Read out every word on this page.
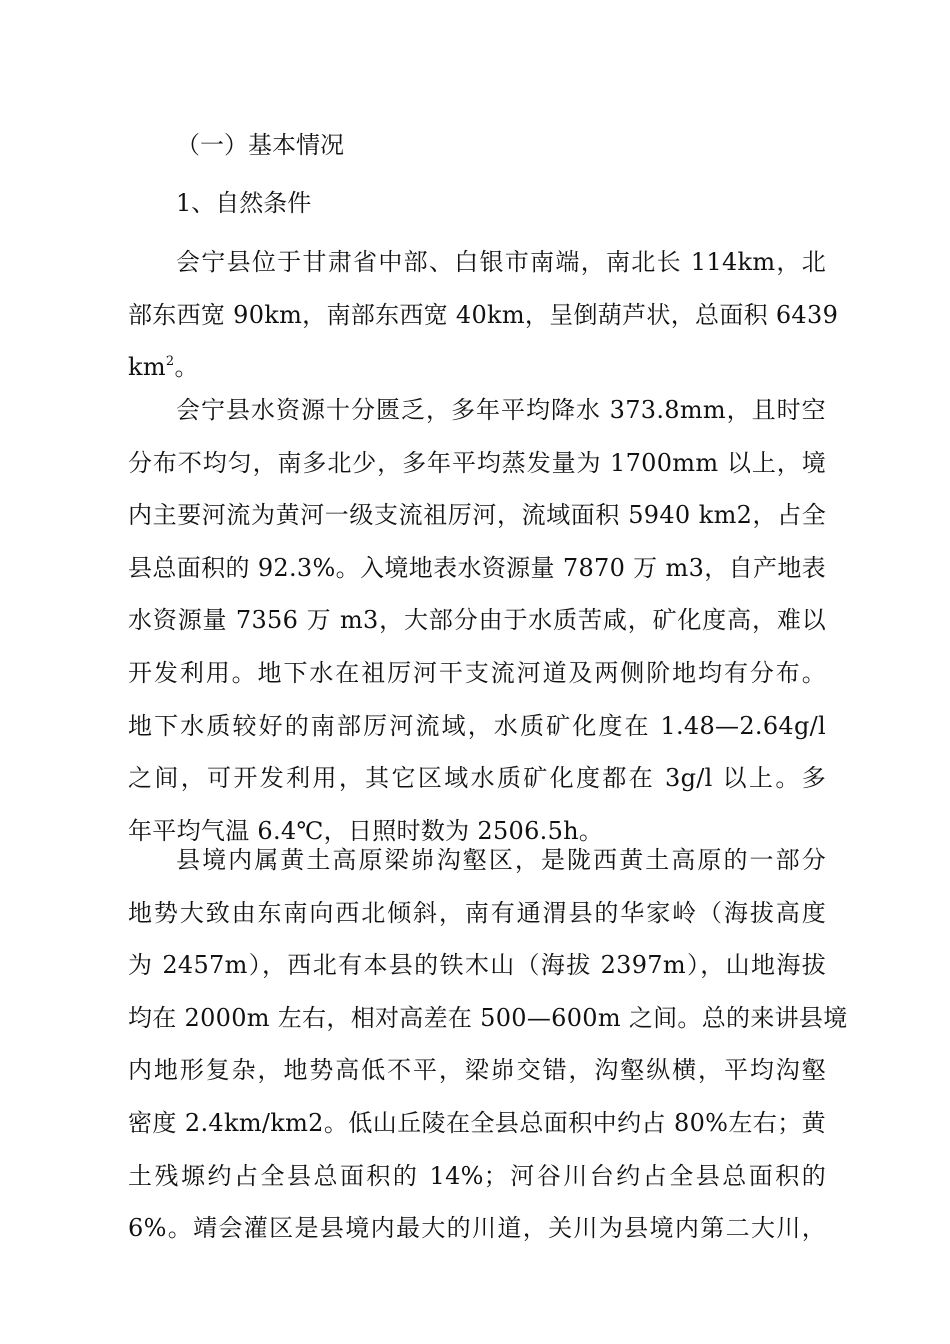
（一）基本情况
1、自然条件
会宁县位于甘肃省中部、白银市南端，南北长 114km，北
部东西宽 90km，南部东西宽 40km，呈倒葫芦状，总面积 6439
$km^2$。
会宁县水资源十分匮乏，多年平均降水 373.8mm，且时空
分布不均匀，南多北少，多年平均蒸发量为 1700mm 以上，境
内主要河流为黄河一级支流祖厉河，流域面积 5940 km2，占全
县总面积的 92.3%。入境地表水资源量 7870 万 m3，自产地表
水资源量 7356 万 m3，大部分由于水质苦咸，矿化度高，难以
开发利用。地下水在祖厉河干支流河道及两侧阶地均有分布。
地下水质较好的南部厉河流域，水质矿化度在 1.48—2.64g/l
之间，可开发利用，其它区域水质矿化度都在 3g/l 以上。多
年平均气温 6.4℃，日照时数为 2506.5h。
县境内属黄土高原梁峁沟壑区，是陇西黄土高原的一部分
地势大致由东南向西北倾斜，南有通渭县的华家岭（海拔高度
为 2457m），西北有本县的铁木山（海拔 2397m），山地海拔
均在 2000m 左右，相对高差在 500—600m 之间。总的来讲县境
内地形复杂，地势高低不平，梁峁交错，沟壑纵横，平均沟壑
密度 2.4km/km2。低山丘陵在全县总面积中约占 80%左右；黄
土残塬约占全县总面积的 14%；河谷川台约占全县总面积的
6%。靖会灌区是县境内最大的川道，关川为县境内第二大川，
